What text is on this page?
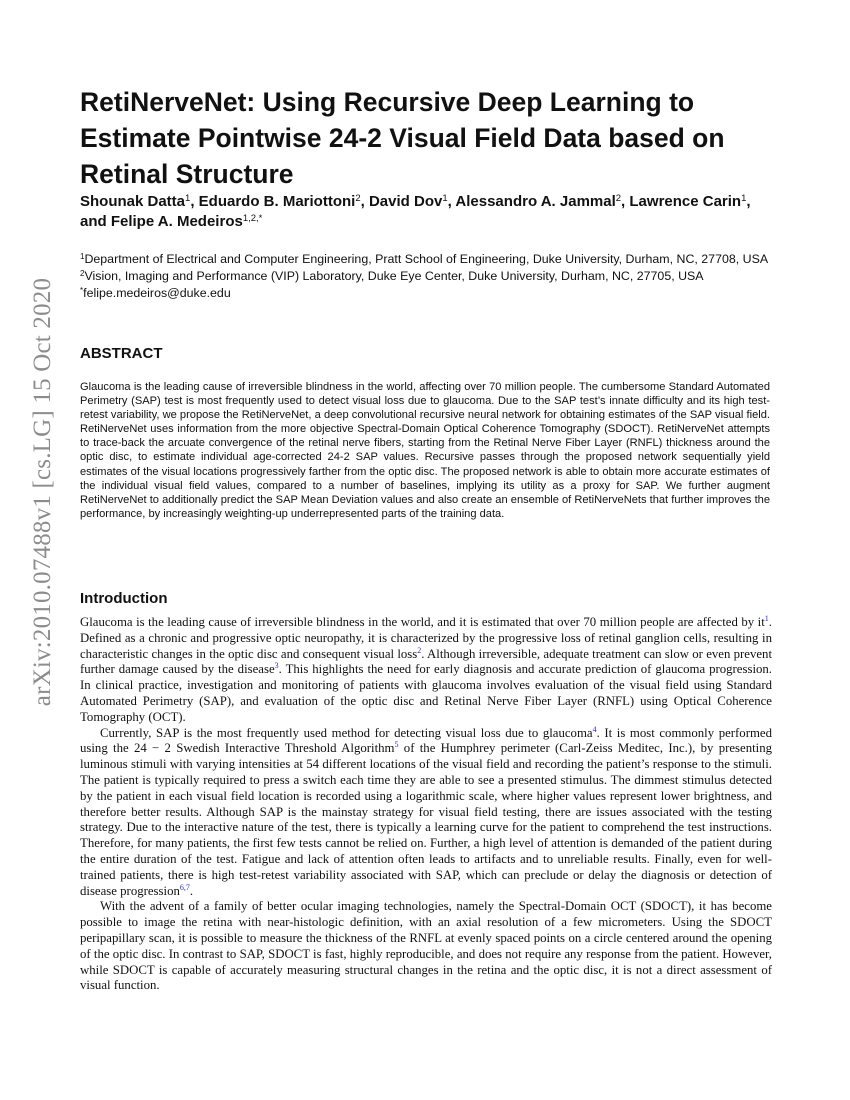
arXiv:2010.07488v1 [cs.LG] 15 Oct 2020
RetiNerveNet: Using Recursive Deep Learning to Estimate Pointwise 24-2 Visual Field Data based on Retinal Structure
Shounak Datta$^1$, Eduardo B. Mariottoni$^2$, David Dov$^1$, Alessandro A. Jammal$^2$, Lawrence Carin$^1$, and Felipe A. Medeiros$^{1,2,*}$
$^1$Department of Electrical and Computer Engineering, Pratt School of Engineering, Duke University, Durham, NC, 27708, USA
$^2$Vision, Imaging and Performance (VIP) Laboratory, Duke Eye Center, Duke University, Durham, NC, 27705, USA
*felipe.medeiros@duke.edu
ABSTRACT

Glaucoma is the leading cause of irreversible blindness in the world, affecting over 70 million people. The cumbersome Standard Automated Perimetry (SAP) test is most frequently used to detect visual loss due to glaucoma. Due to the SAP test’s innate difficulty and its high test-retest variability, we propose the RetiNerveNet, a deep convolutional recursive neural network for obtaining estimates of the SAP visual field. RetiNerveNet uses information from the more objective Spectral-Domain Optical Coherence Tomography (SDOCT). RetiNerveNet attempts to trace-back the arcuate convergence of the retinal nerve fibers, starting from the Retinal Nerve Fiber Layer (RNFL) thickness around the optic disc, to estimate individual age-corrected 24-2 SAP values. Recursive passes through the proposed network sequentially yield estimates of the visual locations progressively farther from the optic disc. The proposed network is able to obtain more accurate estimates of the individual visual field values, compared to a number of baselines, implying its utility as a proxy for SAP. We further augment RetiNerveNet to additionally predict the SAP Mean Deviation values and also create an ensemble of RetiNerveNets that further improves the performance, by increasingly weighting-up underrepresented parts of the training data.

Introduction

Glaucoma is the leading cause of irreversible blindness in the world, and it is estimated that over 70 million people are affected by $it^1$. Defined as a chronic and progressive optic neuropathy, it is characterized by the progressive loss of retinal ganglion cells, resulting in characteristic changes in the optic disc and consequent visual loss$^2$. Although irreversible, adequate treatment can slow or even prevent further damage caused by the disease$^3$. This highlights the need for early diagnosis and accurate prediction of glaucoma progression. In clinical practice, investigation and monitoring of patients with glaucoma involves evaluation of the visual field using Standard Automated Perimetry (SAP), and evaluation of the optic disc and Retinal Nerve Fiber Layer (RNFL) using Optical Coherence Tomography (OCT).

Currently, SAP is the most frequently used method for detecting visual loss due to glaucoma$^4$. It is most commonly performed using the 24 − 2 Swedish Interactive Threshold Algorithm$^5$ of the Humphrey perimeter (Carl-Zeiss Meditec, Inc.), by presenting luminous stimuli with varying intensities at 54 different locations of the visual field and recording the patient’s response to the stimuli. The patient is typically required to press a switch each time they are able to see a presented stimulus. The dimmest stimulus detected by the patient in each visual field location is recorded using a logarithmic scale, where higher values represent lower brightness, and therefore better results. Although SAP is the mainstay strategy for visual field testing, there are issues associated with the testing strategy. Due to the interactive nature of the test, there is typically a learning curve for the patient to comprehend the test instructions. Therefore, for many patients, the first few tests cannot be relied on. Further, a high level of attention is demanded of the patient during the entire duration of the test. Fatigue and lack of attention often leads to artifacts and to unreliable results. Finally, even for well-trained patients, there is high test-retest variability associated with SAP, which can preclude or delay the diagnosis or detection of disease progression$^{6,7}$.

With the advent of a family of better ocular imaging technologies, namely the Spectral-Domain OCT (SDOCT), it has become possible to image the retina with near-histologic definition, with an axial resolution of a few micrometers. Using the SDOCT peripapillary scan, it is possible to measure the thickness of the RNFL at evenly spaced points on a circle centered around the opening of the optic disc. In contrast to SAP, SDOCT is fast, highly reproducible, and does not require any response from the patient. However, while SDOCT is capable of accurately measuring structural changes in the retina and the optic disc, it is not a direct assessment of visual function.
